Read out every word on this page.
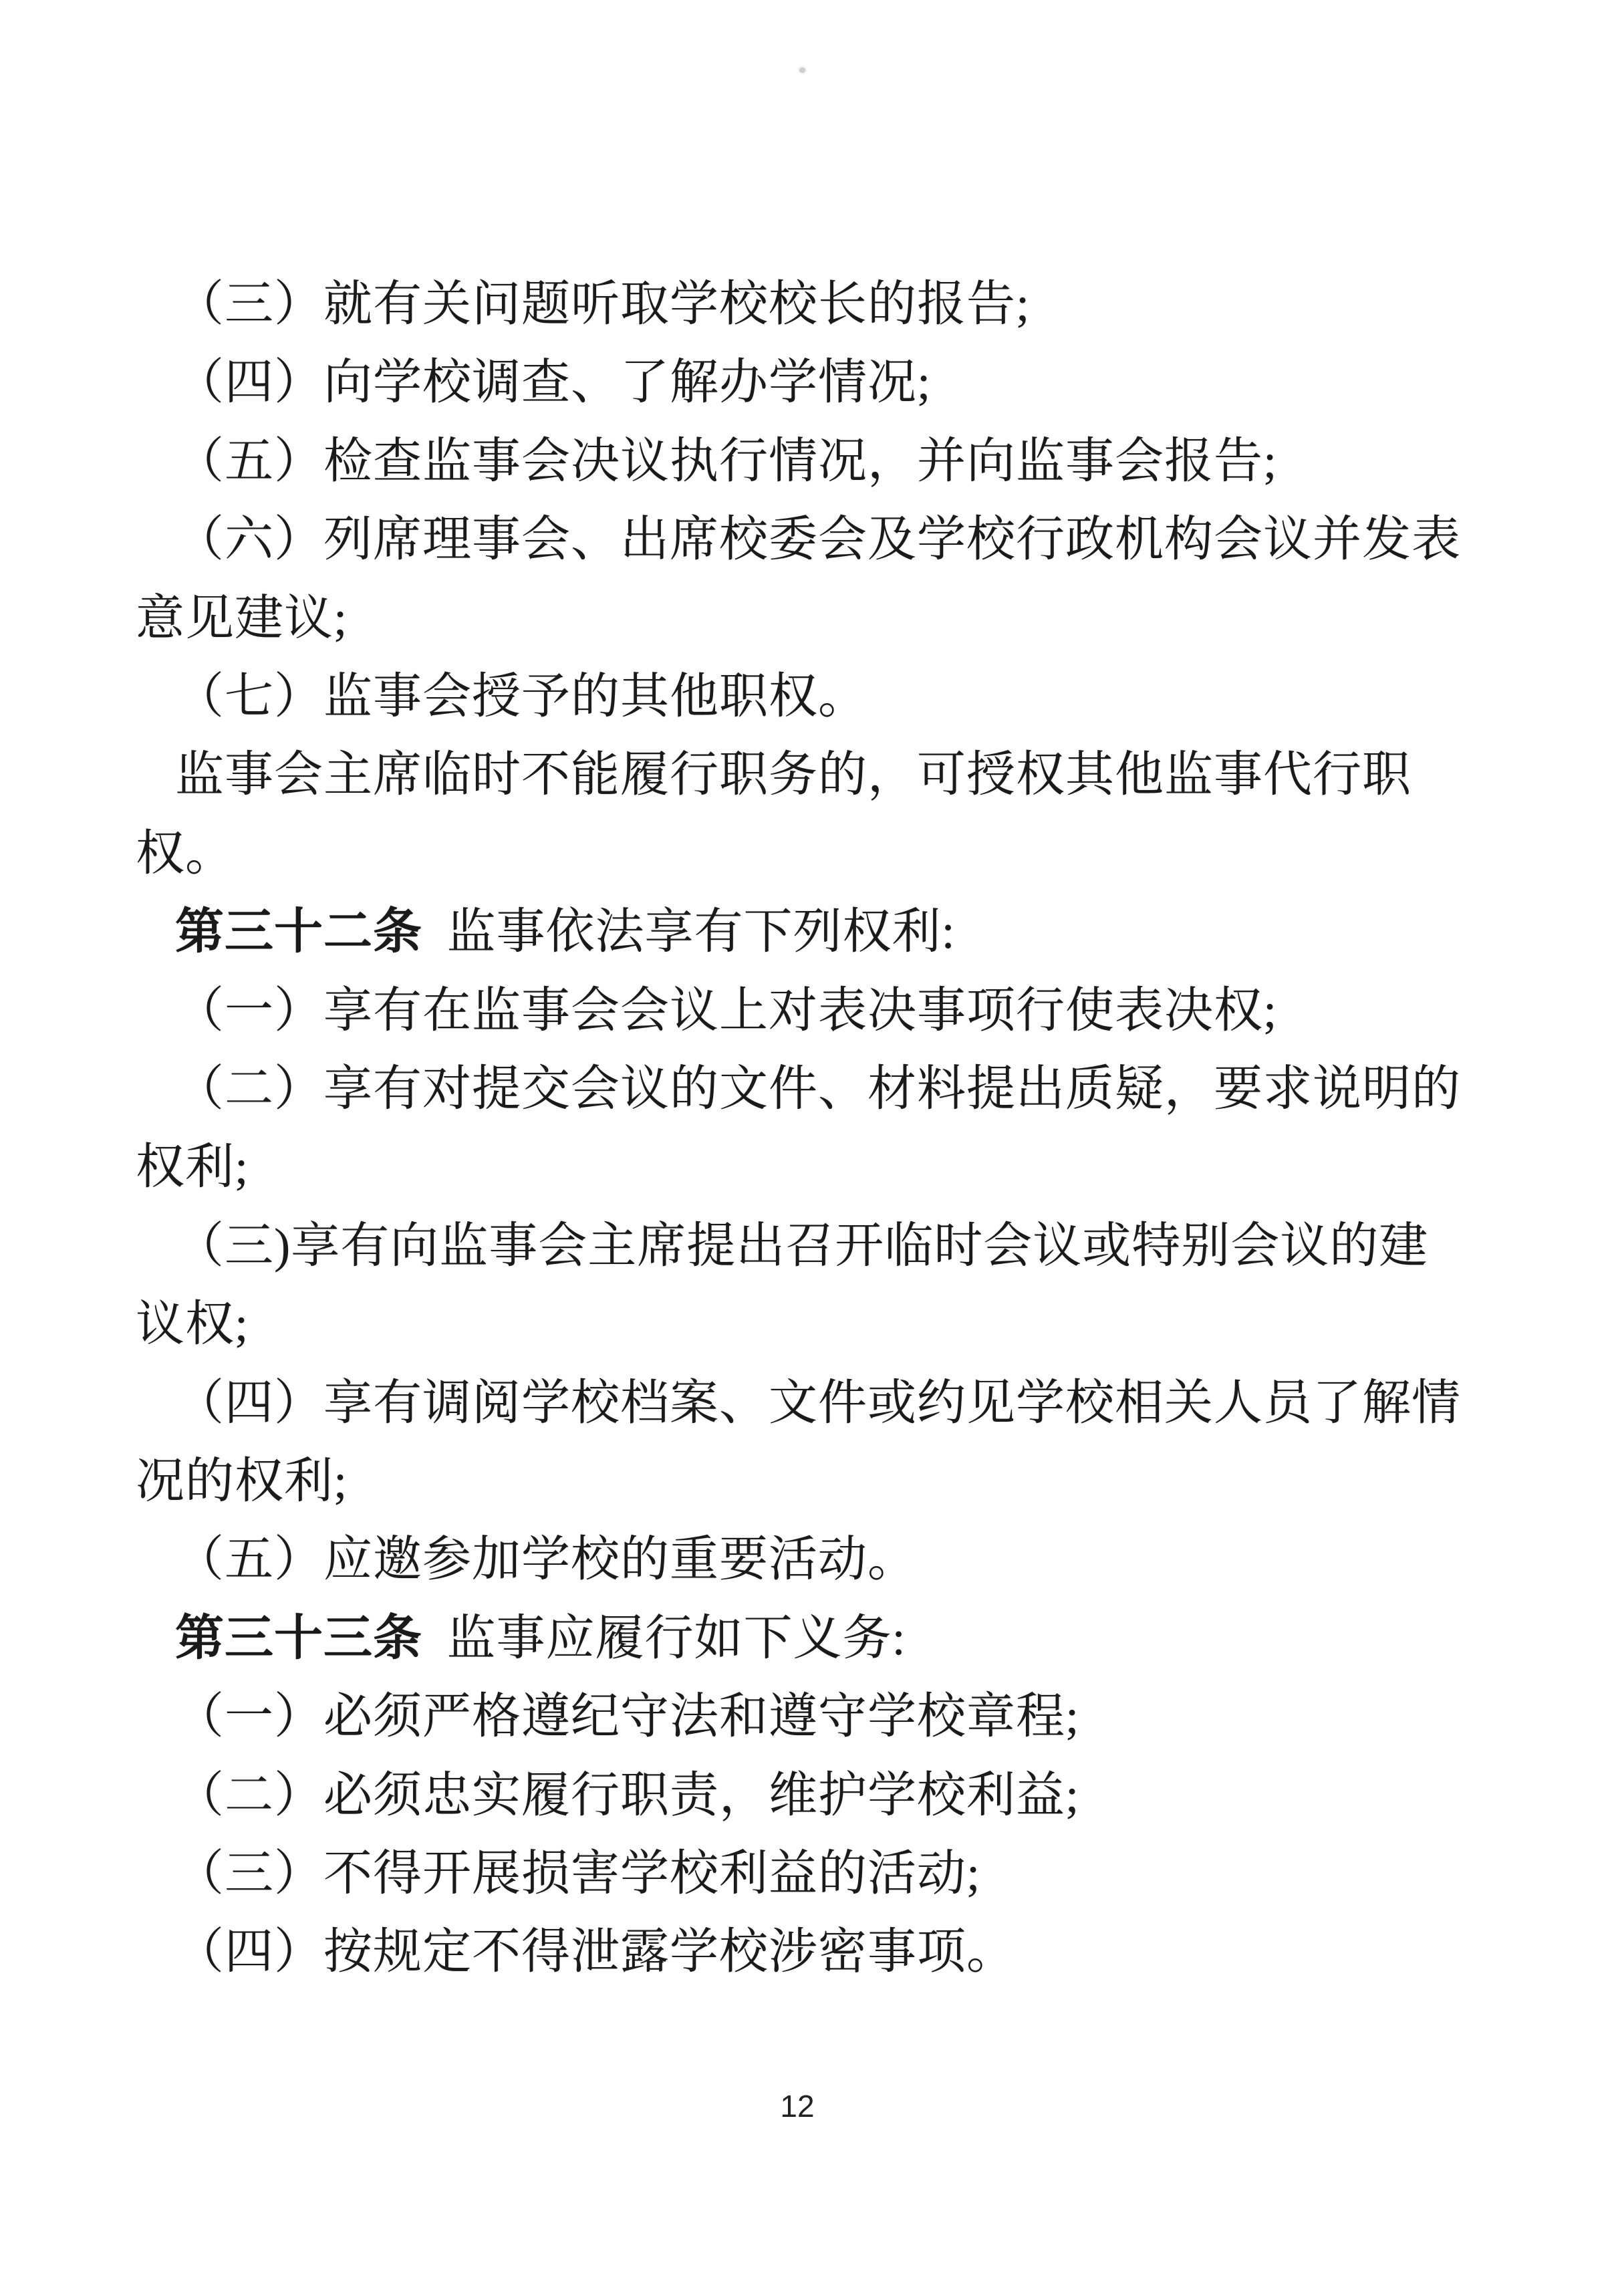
（三）就有关问题听取学校校长的报告;
（四）向学校调查、了解办学情况;
（五）检查监事会决议执行情况，并向监事会报告;
（六）列席理事会、出席校委会及学校行政机构会议并发表
意见建议;
（七）监事会授予的其他职权。
监事会主席临时不能履行职务的，可授权其他监事代行职
权。
第三十二条 监事依法享有下列权利:
（一）享有在监事会会议上对表决事项行使表决权;
（二）享有对提交会议的文件、材料提出质疑，要求说明的
权利;
（三)享有向监事会主席提出召开临时会议或特别会议的建
议权;
（四）享有调阅学校档案、文件或约见学校相关人员了解情
况的权利;
（五）应邀参加学校的重要活动。
第三十三条 监事应履行如下义务:
（一）必须严格遵纪守法和遵守学校章程;
（二）必须忠实履行职责，维护学校利益;
（三）不得开展损害学校利益的活动;
（四）按规定不得泄露学校涉密事项。
12
